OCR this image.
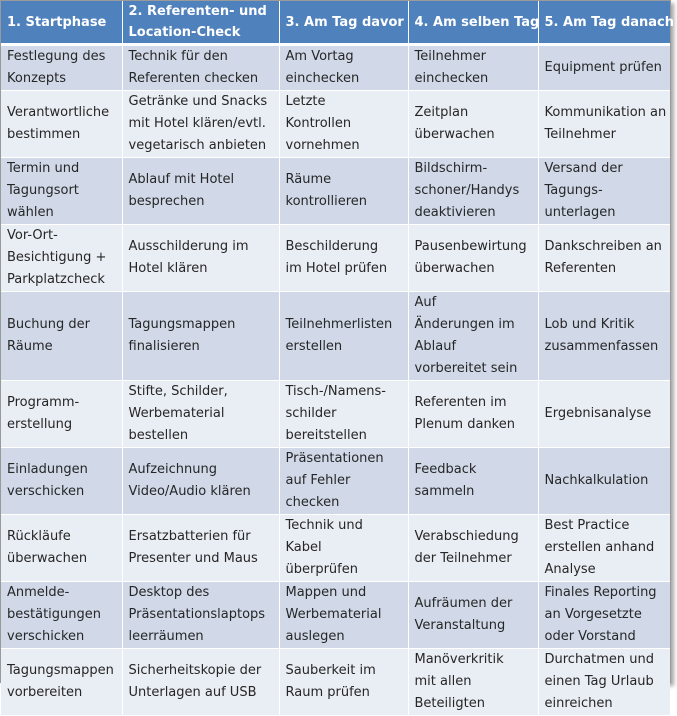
1. Startphase	2. Referenten- und Location-Check	3. Am Tag davor	4. Am selben Tag	5. Am Tag danach

Festlegung des Konzepts	Technik für den Referenten checken	Am Vortag einchecken	Teilnehmer einchecken	Equipment prüfen

Verantwortliche bestimmen	Getränke und Snacks mit Hotel klären/evtl. vegetarisch anbieten	Letzte Kontrollen vornehmen	Zeitplan überwachen	Kommunikation an Teilnehmer

Termin und Tagungsort wählen	Ablauf mit Hotel besprechen	Räume kontrollieren	Bildschirm-schoner/Handys deaktivieren	Versand der Tagungs-unterlagen

Vor-Ort-Besichtigung + Parkplatzcheck	Ausschilderung im Hotel klären	Beschilderung im Hotel prüfen	Pausenbewirtung überwachen	Dankschreiben an Referenten

Buchung der Räume	Tagungsmappen finalisieren	Teilnehmerlisten erstellen	Auf Änderungen im Ablauf vorbereitet sein	Lob und Kritik zusammenfassen

Programm-erstellung	Stifte, Schilder, Werbematerial bestellen	Tisch-/Namens-schilder bereitstellen	Referenten im Plenum danken	Ergebnisanalyse

Einladungen verschicken	Aufzeichnung Video/Audio klären	Präsentationen auf Fehler checken	Feedback sammeln	Nachkalkulation

Rückläufe überwachen	Ersatzbatterien für Presenter und Maus	Technik und Kabel überprüfen	Verabschiedung der Teilnehmer	Best Practice erstellen anhand Analyse

Anmelde-bestätigungen verschicken	Desktop des Präsentationslaptops leerräumen	Mappen und Werbematerial auslegen	Aufräumen der Veranstaltung	Finales Reporting an Vorgesetzte oder Vorstand

Tagungsmappen vorbereiten	Sicherheitskopie der Unterlagen auf USB	Sauberkeit im Raum prüfen	Manöverkritik mit allen Beteiligten	Durchatmen und einen Tag Urlaub einreichen
